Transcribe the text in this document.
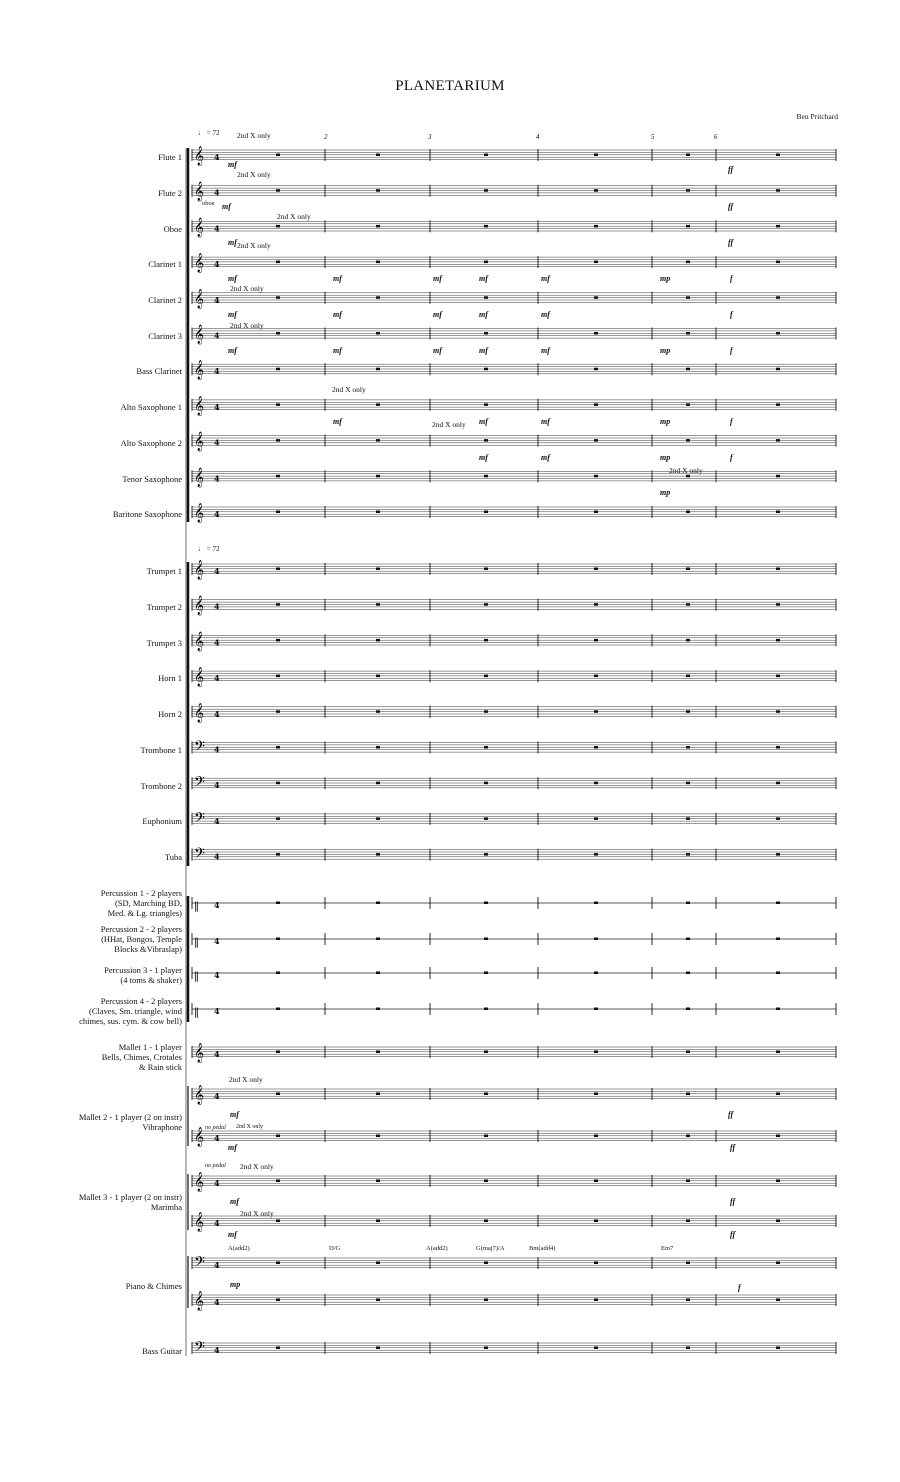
PLANETARIUM
Ben Pritchard
♩ = 72
♩ = 72
2	3	4	5	6
Flute 1
Flute 2
Oboe
Clarinet 1
Clarinet 2
Clarinet 3
Bass Clarinet
Alto Saxophone 1
Alto Saxophone 2
Tenor Saxophone
Baritone Saxophone
Trumpet 1
Trumpet 2
Trumpet 3
Horn 1
Horn 2
Trombone 1
Trombone 2
Euphonium
Tuba
Percussion 1 - 2 players
(SD, Marching BD,
Med. & Lg. triangles)
Percussion 2 - 2 players
(HHat, Bongos, Temple
Blocks &Vibraslap)
Percussion 3 - 1 player
(4 toms & shaker)
Percussion 4 - 2 players
(Claves, Sm. triangle, wind
chimes, sus. cym. & cow bell)
Mallet 1 - 1 player
Bells, Chimes, Crotales
& Rain stick
Mallet 2 - 1 player (2 on instr)
Vibraphone
Mallet 3 - 1 player (2 on instr)
Marimba
Piano & Chimes
Bass Guitar
2nd X only
2nd X only
oboe
2nd X only
2nd X only
2nd X only
2nd X only
2nd X only
2nd X only
2nd X only
2nd X only
no pedal 2nd X only
no pedal 2nd X only
2nd X only
mf
mf
mf
mf
mf
mf
mf
mf
mf
mf
mf	mf
mf	mf
mf	mf
mf
mf
mf
mf
mf
mf
mf
mp
mp
mp
mp
mp
f
f
f
f
f
ff
ff
ff
mf	ff
mf	ff
mf	ff
mf	ff
mp	f
A(add2)	D/G	A(add2)	G(maj7)/A	Bm(add4)	Em7
𝄞 4
𝄞 4
𝄞 4
𝄞 4
𝄞 4
𝄞 4
𝄞 4
𝄞 4
𝄞 4
𝄞 4
𝄞 4
𝄞 4
𝄞 4
𝄞 4
𝄞 4
𝄞 4
𝄢 4
𝄢 4
𝄢 4
𝄢 4
‖ 4
‖ 4
‖ 4
‖ 4
𝄞 4
𝄞 4
𝄞 4
𝄞 4
𝄞 4
𝄢 4
𝄞 4
𝄢 4
